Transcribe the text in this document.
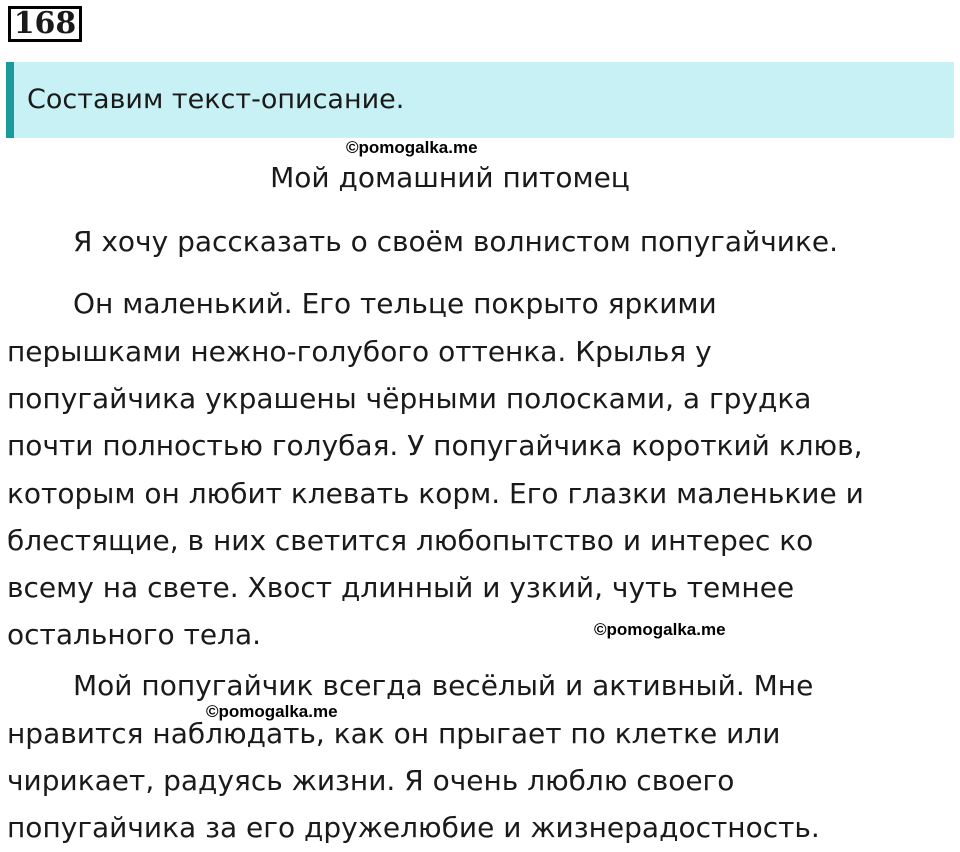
168
Составим текст-описание.
©pomogalka.me
Мой домашний питомец
Я хочу рассказать о своём волнистом попугайчике.
Он маленький. Его тельце покрыто яркими
перышками нежно-голубого оттенка. Крылья у
попугайчика украшены чёрными полосками, а грудка
почти полностью голубая. У попугайчика короткий клюв,
которым он любит клевать корм. Его глазки маленькие и
блестящие, в них светится любопытство и интерес ко
всему на свете. Хвост длинный и узкий, чуть темнее
остального тела.	©pomogalka.me
Мой попугайчик всегда весёлый и активный. Мне
нравится наблюдать, как он прыгает по клетке или
чирикает, радуясь жизни. Я очень люблю своего
попугайчика за его дружелюбие и жизнерадостность.
©pomogalka.me
